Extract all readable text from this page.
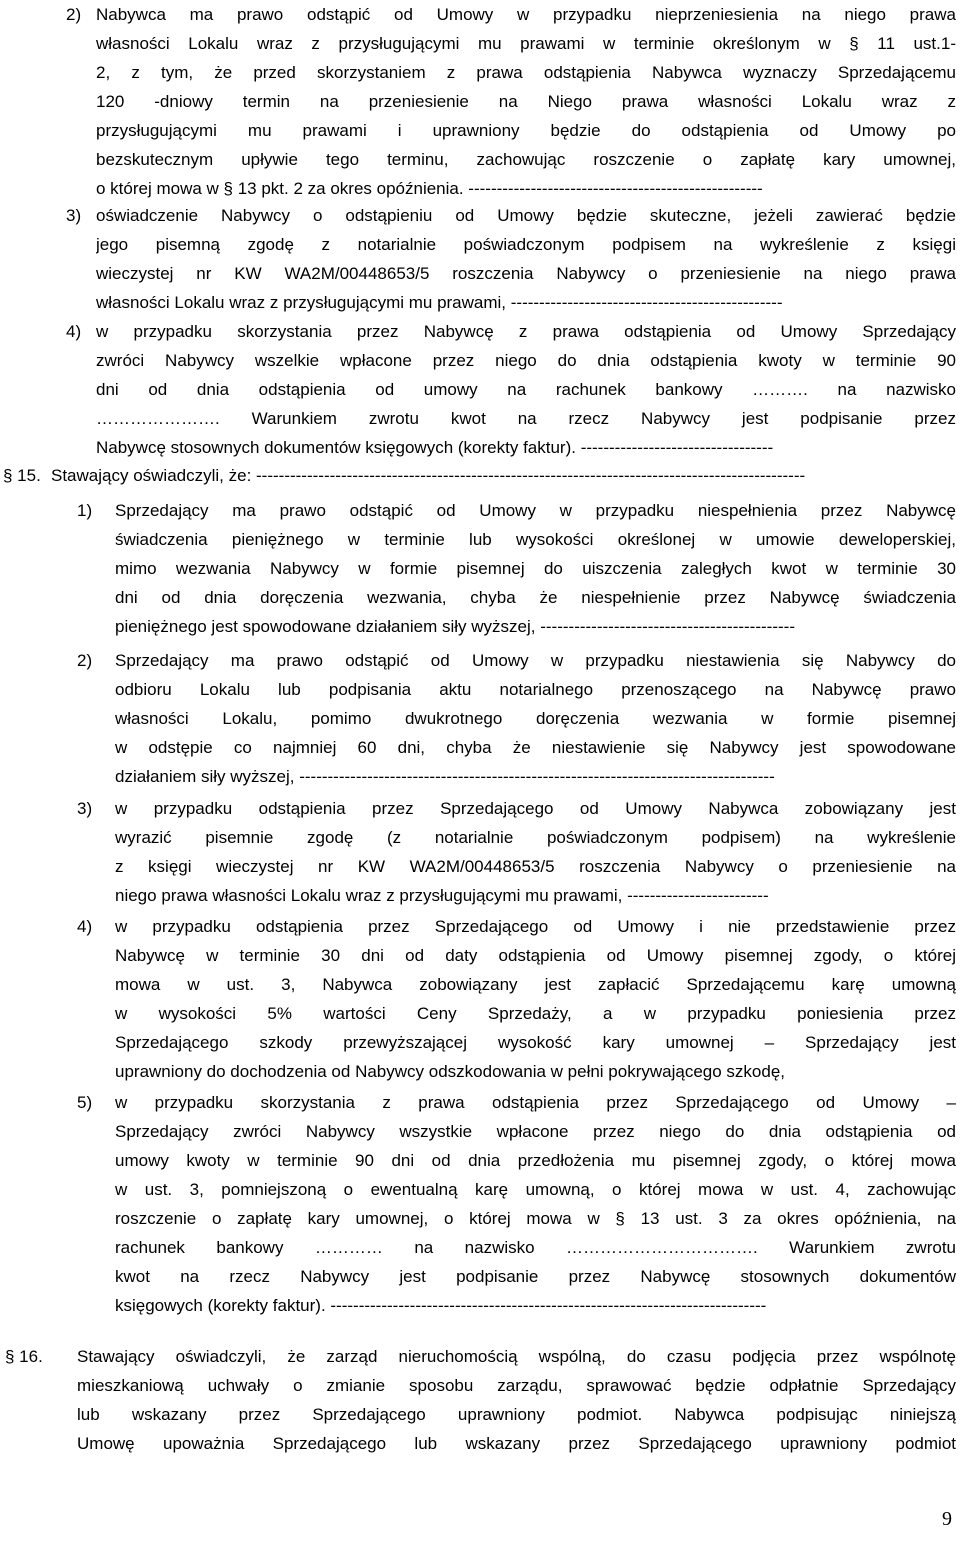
2) Nabywca ma prawo odstąpić od Umowy w przypadku nieprzeniesienia na niego prawa
własności Lokalu wraz z przysługującymi mu prawami w terminie określonym w § 11 ust.1-
2, z tym, że przed skorzystaniem z prawa odstąpienia Nabywca wyznaczy Sprzedającemu
120 -dniowy termin na przeniesienie na Niego prawa własności Lokalu wraz z
przysługującymi mu prawami i uprawniony będzie do odstąpienia od Umowy po
bezskutecznym upływie tego terminu, zachowując roszczenie o zapłatę kary umownej,
o której mowa w § 13 pkt. 2 za okres opóźnienia. ----------------------------------------------------
3) oświadczenie Nabywcy o odstąpieniu od Umowy będzie skuteczne, jeżeli zawierać będzie
jego pisemną zgodę z notarialnie poświadczonym podpisem na wykreślenie z księgi
wieczystej nr KW WA2M/00448653/5 roszczenia Nabywcy o przeniesienie na niego prawa
własności Lokalu wraz z przysługującymi mu prawami, ------------------------------------------------
4) w przypadku skorzystania przez Nabywcę z prawa odstąpienia od Umowy Sprzedający
zwróci Nabywcy wszelkie wpłacone przez niego do dnia odstąpienia kwoty w terminie 90
dni od dnia odstąpienia od umowy na rachunek bankowy ………. na nazwisko
…………………. Warunkiem zwrotu kwot na rzecz Nabywcy jest podpisanie przez
Nabywcę stosownych dokumentów księgowych (korekty faktur). ----------------------------------
§ 15. Stawający oświadczyli, że: -------------------------------------------------------------------------------------------------
1) Sprzedający ma prawo odstąpić od Umowy w przypadku niespełnienia przez Nabywcę
świadczenia pieniężnego w terminie lub wysokości określonej w umowie deweloperskiej,
mimo wezwania Nabywcy w formie pisemnej do uiszczenia zaległych kwot w terminie 30
dni od dnia doręczenia wezwania, chyba że niespełnienie przez Nabywcę świadczenia
pieniężnego jest spowodowane działaniem siły wyższej, ---------------------------------------------
2) Sprzedający ma prawo odstąpić od Umowy w przypadku niestawienia się Nabywcy do
odbioru Lokalu lub podpisania aktu notarialnego przenoszącego na Nabywcę prawo
własności Lokalu, pomimo dwukrotnego doręczenia wezwania w formie pisemnej
w odstępie co najmniej 60 dni, chyba że niestawienie się Nabywcy jest spowodowane
działaniem siły wyższej, ------------------------------------------------------------------------------------
3) w przypadku odstąpienia przez Sprzedającego od Umowy Nabywca zobowiązany jest
wyrazić pisemnie zgodę (z notarialnie poświadczonym podpisem) na wykreślenie
z księgi wieczystej nr KW WA2M/00448653/5 roszczenia Nabywcy o przeniesienie na
niego prawa własności Lokalu wraz z przysługującymi mu prawami, -------------------------
4) w przypadku odstąpienia przez Sprzedającego od Umowy i nie przedstawienie przez
Nabywcę w terminie 30 dni od daty odstąpienia od Umowy pisemnej zgody, o której
mowa w ust. 3, Nabywca zobowiązany jest zapłacić Sprzedającemu karę umowną
w wysokości 5% wartości Ceny Sprzedaży, a w przypadku poniesienia przez
Sprzedającego szkody przewyższającej wysokość kary umownej – Sprzedający jest
uprawniony do dochodzenia od Nabywcy odszkodowania w pełni pokrywającego szkodę,
5) w przypadku skorzystania z prawa odstąpienia przez Sprzedającego od Umowy –
Sprzedający zwróci Nabywcy wszystkie wpłacone przez niego do dnia odstąpienia od
umowy kwoty w terminie 90 dni od dnia przedłożenia mu pisemnej zgody, o której mowa
w ust. 3, pomniejszoną o ewentualną karę umowną, o której mowa w ust. 4, zachowując
roszczenie o zapłatę kary umownej, o której mowa w § 13 ust. 3 za okres opóźnienia, na
rachunek bankowy ………… na nazwisko ……………………………. Warunkiem zwrotu
kwot na rzecz Nabywcy jest podpisanie przez Nabywcę stosownych dokumentów
księgowych (korekty faktur). -----------------------------------------------------------------------------
§ 16. Stawający oświadczyli, że zarząd nieruchomością wspólną, do czasu podjęcia przez wspólnotę
mieszkaniową uchwały o zmianie sposobu zarządu, sprawować będzie odpłatnie Sprzedający
lub wskazany przez Sprzedającego uprawniony podmiot. Nabywca podpisując niniejszą
Umowę upoważnia Sprzedającego lub wskazany przez Sprzedającego uprawniony podmiot
9
